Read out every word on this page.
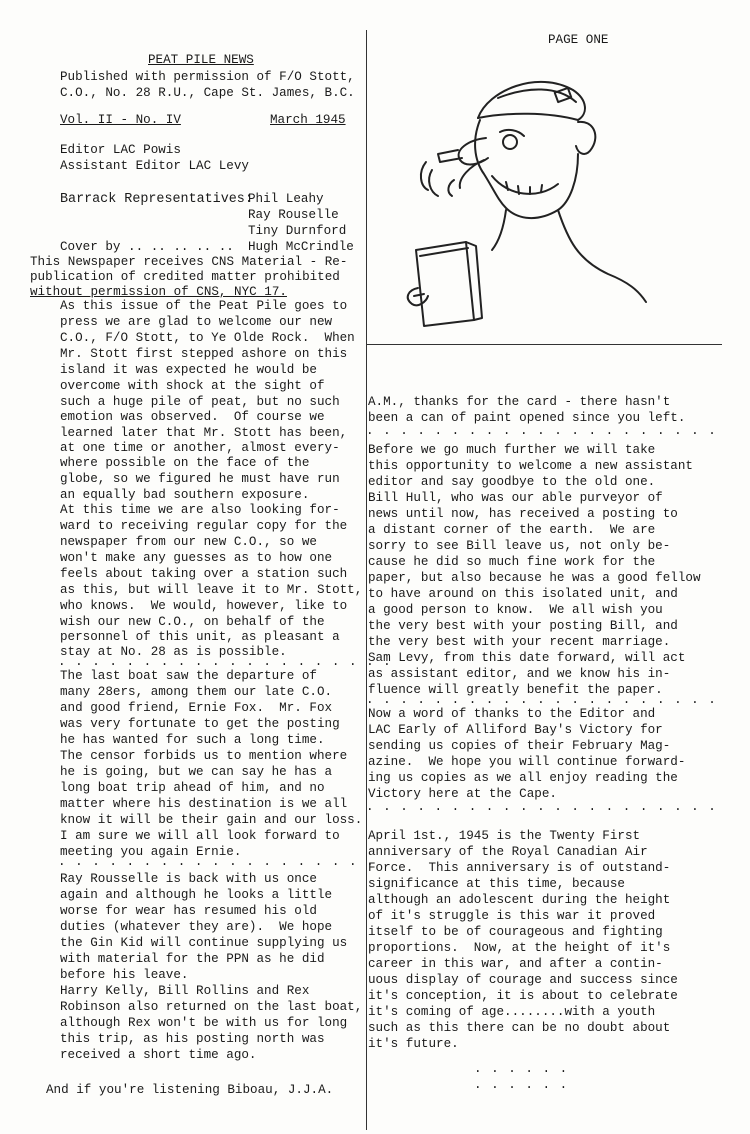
PAGE ONE
PEAT PILE NEWS
Published with permission of F/O Stott,
C.O., No. 28 R.U., Cape St. James, B.C.
Vol. II - No. IV	March 1945
Editor LAC Powis
Assistant Editor LAC Levy
Barrack Representatives:
Phil Leahy
Ray Rouselle
Tiny Durnford
Cover by .. .. .. .. .. Hugh McCrindle
This Newspaper receives CNS Material - Re-
publication of credited matter prohibited
without permission of CNS, NYC 17.
As this issue of the Peat Pile goes to
press we are glad to welcome our new
C.O., F/O Stott, to Ye Olde Rock.  When
Mr. Stott first stepped ashore on this
island it was expected he would be
overcome with shock at the sight of
such a huge pile of peat, but no such
emotion was observed.  Of course we
learned later that Mr. Stott has been,
at one time or another, almost every-
where possible on the face of the
globe, so we figured he must have run
an equally bad southern exposure.
At this time we are also looking for-
ward to receiving regular copy for the
newspaper from our new C.O., so we
won't make any guesses as to how one
feels about taking over a station such
as this, but will leave it to Mr. Stott,
who knows.  We would, however, like to
wish our new C.O., on behalf of the
personnel of this unit, as pleasant a
stay at No. 28 as is possible.
. . . . . . . . . . . . . . . . . . . .
The last boat saw the departure of
many 28ers, among them our late C.O.
and good friend, Ernie Fox.  Mr. Fox
was very fortunate to get the posting
he has wanted for such a long time.
The censor forbids us to mention where
he is going, but we can say he has a
long boat trip ahead of him, and no
matter where his destination is we all
know it will be their gain and our loss.
I am sure we will all look forward to
meeting you again Ernie.
. . . . . . . . . . . . . . . . . . .
Ray Rousselle is back with us once
again and although he looks a little
worse for wear has resumed his old
duties (whatever they are).  We hope
the Gin Kid will continue supplying us
with material for the PPN as he did
before his leave.
Harry Kelly, Bill Rollins and Rex
Robinson also returned on the last boat,
although Rex won't be with us for long
this trip, as his posting north was
received a short time ago.
And if you're listening Biboau, J.J.A.
A.M., thanks for the card - there hasn't
been a can of paint opened since you left.
. . . . . . . . . . . . . . . . . . . . .
Before we go much further we will take
this opportunity to welcome a new assistant
editor and say goodbye to the old one.
Bill Hull, who was our able purveyor of
news until now, has received a posting to
a distant corner of the earth.  We are
sorry to see Bill leave us, not only be-
cause he did so much fine work for the
paper, but also because he was a good fellow
to have around on this isolated unit, and
a good person to know.  We all wish you
the very best with your posting Bill, and
the very best with your recent marriage.
Sam Levy, from this date forward, will act
as assistant editor, and we know his in-
fluence will greatly benefit the paper.
. . . . . . . . . . . . . . . . . . . . .
Now a word of thanks to the Editor and
LAC Early of Alliford Bay's Victory for
sending us copies of their February Mag-
azine.  We hope you will continue forward-
ing us copies as we all enjoy reading the
Victory here at the Cape.
. . . . . . . . . . . . . . . . . . . . .
April 1st., 1945 is the Twenty First
anniversary of the Royal Canadian Air
Force.  This anniversary is of outstand-
significance at this time, because
although an adolescent during the height
of it's struggle is this war it proved
itself to be of courageous and fighting
proportions.  Now, at the height of it's
career in this war, and after a contin-
uous display of courage and success since
it's conception, it is about to celebrate
it's coming of age........with a youth
such as this there can be no doubt about
it's future.
. . . . . .
. . . . . .
